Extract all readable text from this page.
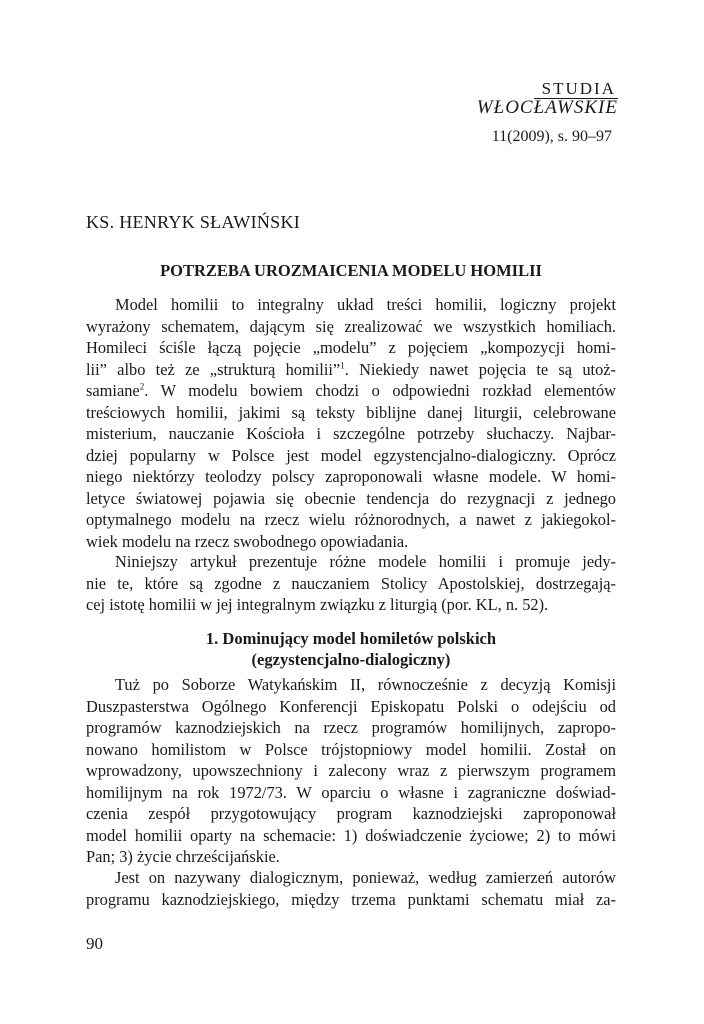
STUDIA
WŁOCŁAWSKIE
11(2009), s. 90–97
KS. HENRYK SŁAWIŃSKI
POTRZEBA UROZMAICENIA MODELU HOMILII
Model homilii to integralny układ treści homilii, logiczny projekt
wyrażony schematem, dającym się zrealizować we wszystkich homiliach.
Homileci ściśle łączą pojęcie „modelu” z pojęciem „kompozycji homi-
lii” albo też ze „strukturą homilii”$^1$. Niekiedy nawet pojęcia te są utoż-
samiane$^2$. W modelu bowiem chodzi o odpowiedni rozkład elementów
treściowych homilii, jakimi są teksty biblijne danej liturgii, celebrowane
misterium, nauczanie Kościoła i szczególne potrzeby słuchaczy. Najbar-
dziej popularny w Polsce jest model egzystencjalno-dialogiczny. Oprócz
niego niektórzy teolodzy polscy zaproponowali własne modele. W homi-
letyce światowej pojawia się obecnie tendencja do rezygnacji z jednego
optymalnego modelu na rzecz wielu różnorodnych, a nawet z jakiegokol-
wiek modelu na rzecz swobodnego opowiadania.
Niniejszy artykuł prezentuje różne modele homilii i promuje jedy-
nie te, które są zgodne z nauczaniem Stolicy Apostolskiej, dostrzegają-
cej istotę homilii w jej integralnym związku z liturgią (por. KL, n. 52).
1. Dominujący model homiletów polskich
(egzystencjalno-dialogiczny)
Tuż po Soborze Watykańskim II, równocześnie z decyzją Komisji
Duszpasterstwa Ogólnego Konferencji Episkopatu Polski o odejściu od
programów kaznodziejskich na rzecz programów homilijnych, zapropo-
nowano homilistom w Polsce trójstopniowy model homilii. Został on
wprowadzony, upowszechniony i zalecony wraz z pierwszym programem
homilijnym na rok 1972/73. W oparciu o własne i zagraniczne doświad-
czenia zespół przygotowujący program kaznodziejski zaproponował
model homilii oparty na schemacie: 1) doświadczenie życiowe; 2) to mówi
Pan; 3) życie chrześcijańskie.
Jest on nazywany dialogicznym, ponieważ, według zamierzeń autorów
programu kaznodziejskiego, między trzema punktami schematu miał za-
90
